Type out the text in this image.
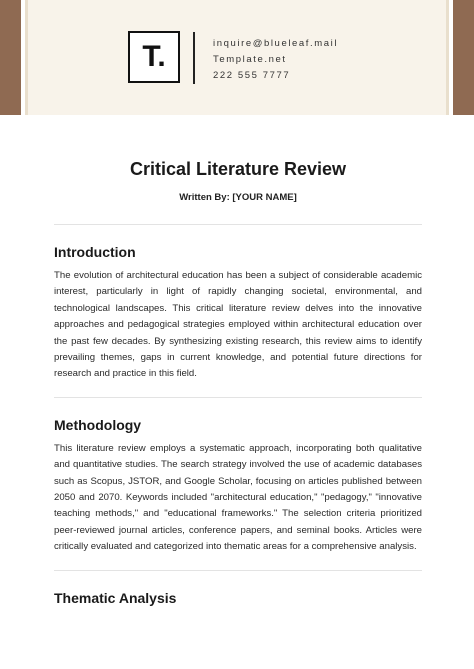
T.	inquire@blueleaf.mail
Template.net
222 555 7777
Critical Literature Review
Written By: [YOUR NAME]
Introduction

The evolution of architectural education has been a subject of considerable academic interest, particularly in light of rapidly changing societal, environmental, and technological landscapes. This critical literature review delves into the innovative approaches and pedagogical strategies employed within architectural education over the past few decades. By synthesizing existing research, this review aims to identify prevailing themes, gaps in current knowledge, and potential future directions for research and practice in this field.

Methodology

This literature review employs a systematic approach, incorporating both qualitative and quantitative studies. The search strategy involved the use of academic databases such as Scopus, JSTOR, and Google Scholar, focusing on articles published between 2050 and 2070. Keywords included "architectural education," "pedagogy," "innovative teaching methods," and "educational frameworks." The selection criteria prioritized peer-reviewed journal articles, conference papers, and seminal books. Articles were critically evaluated and categorized into thematic areas for a comprehensive analysis.

Thematic Analysis
